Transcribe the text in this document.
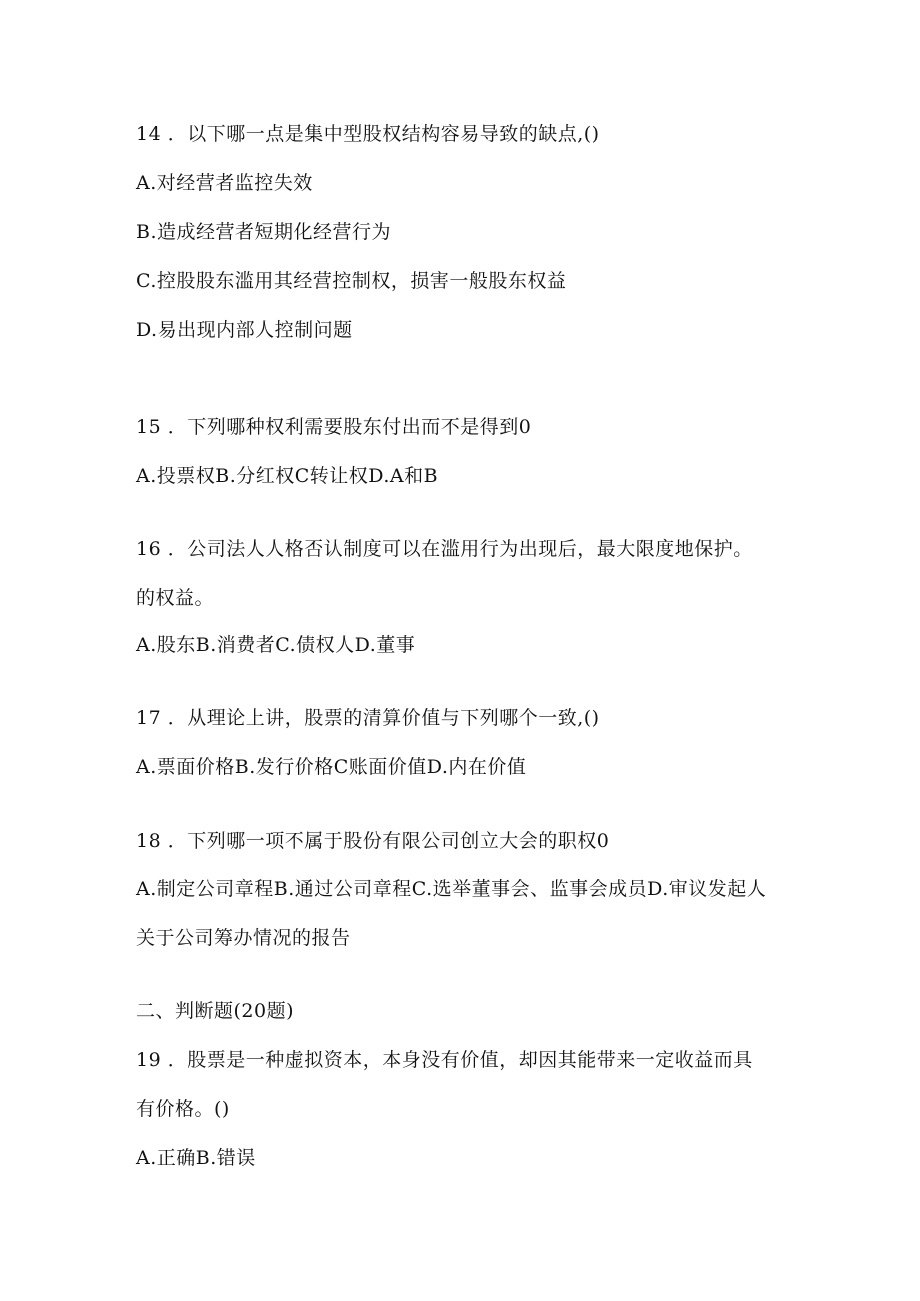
14 ．以下哪一点是集中型股权结构容易导致的缺点,()
A.对经营者监控失效
B.造成经营者短期化经营行为
C.控股股东滥用其经营控制权，损害一般股东权益
D.易出现内部人控制问题
15 ．下列哪种权利需要股东付出而不是得到0
A.投票权B.分红权C转让权D.A和B
16 ．公司法人人格否认制度可以在滥用行为出现后，最大限度地保护。
的权益。
A.股东B.消费者C.债权人D.董事
17 ．从理论上讲，股票的清算价值与下列哪个一致,()
A.票面价格B.发行价格C账面价值D.内在价值
18 ．下列哪一项不属于股份有限公司创立大会的职权0
A.制定公司章程B.通过公司章程C.选举董事会、监事会成员D.审议发起人
关于公司筹办情况的报告
二、判断题(20题)
19 ．股票是一种虚拟资本，本身没有价值，却因其能带来一定收益而具
有价格。()
A.正确B.错误
